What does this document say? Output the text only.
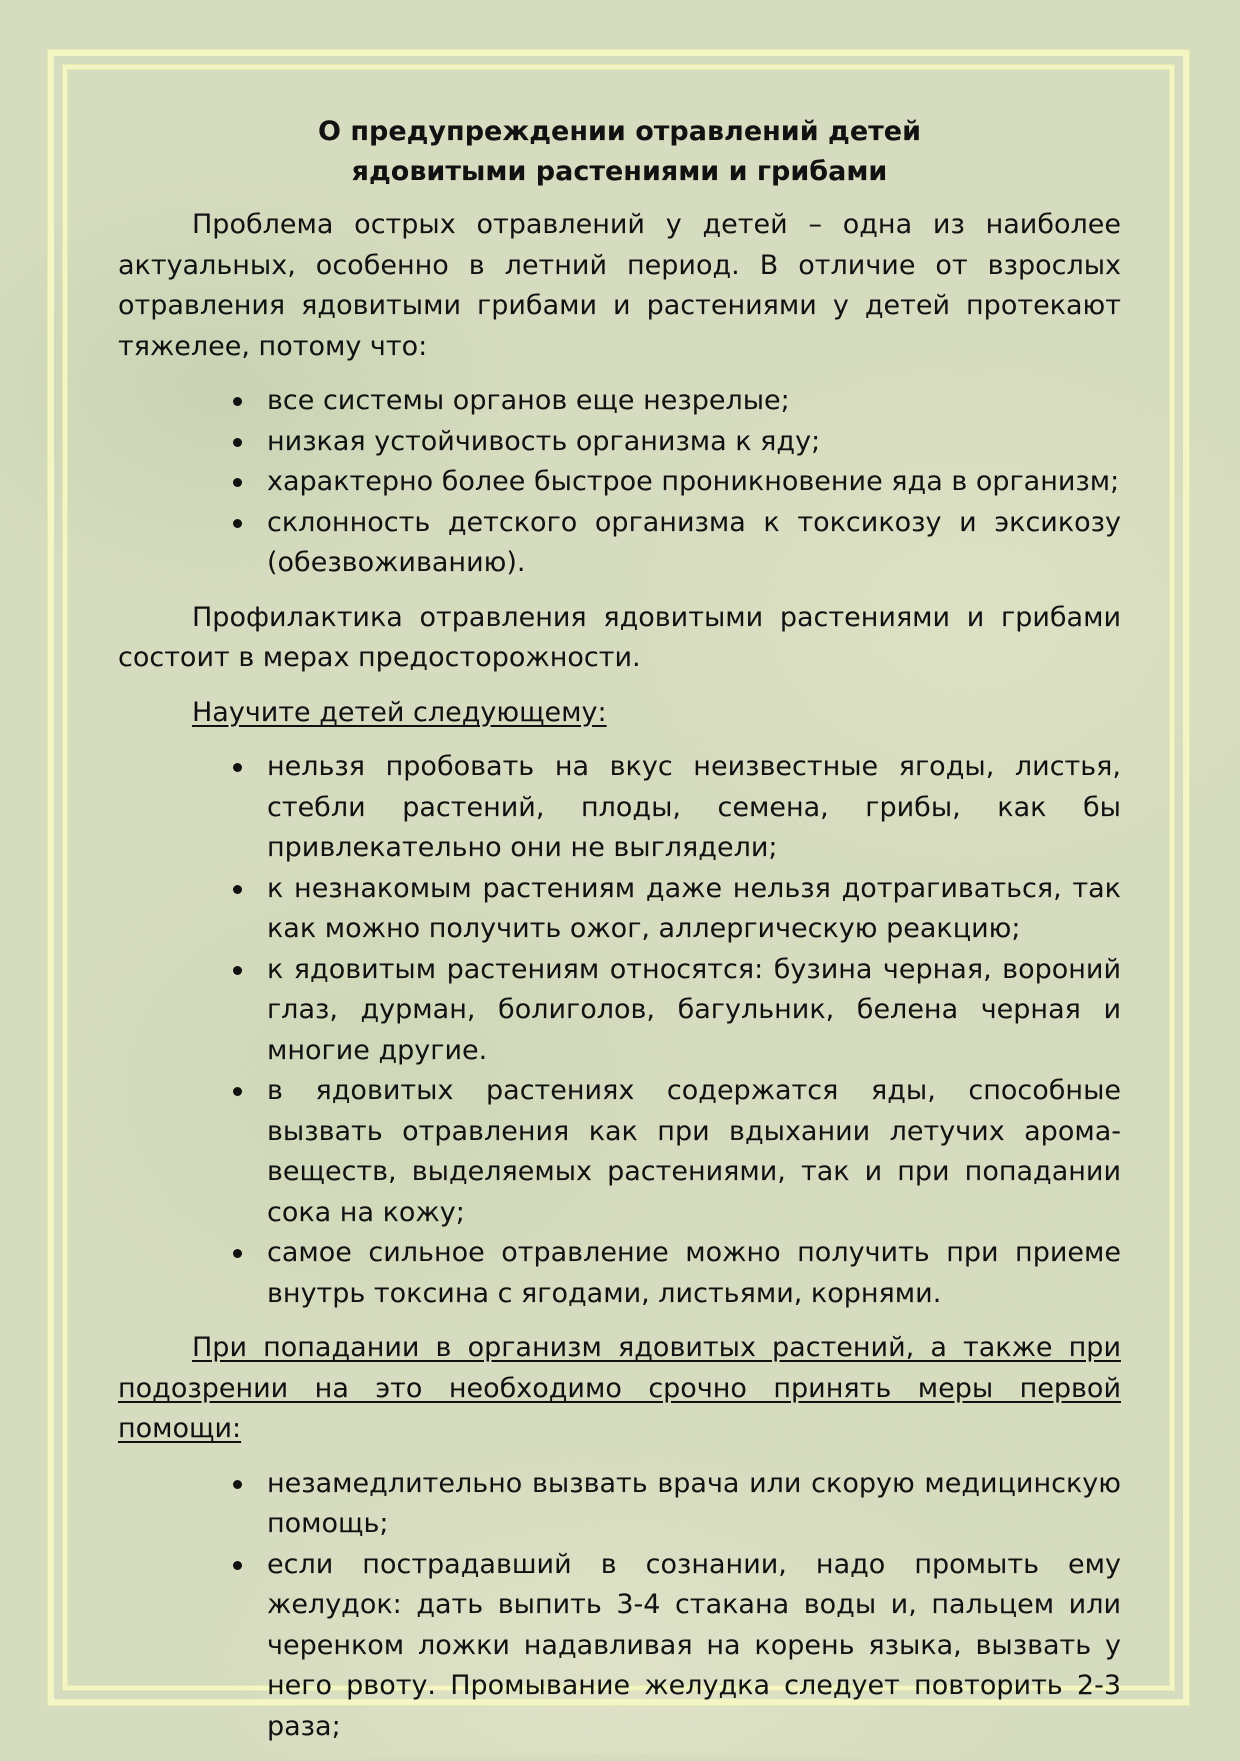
О предупреждении отравлений детей
ядовитыми растениями и грибами

Проблема острых отравлений у детей – одна из наиболее актуальных, особенно в летний период. В отличие от взрослых отравления ядовитыми грибами и растениями у детей протекают тяжелее, потому что:

все системы органов еще незрелые;
низкая устойчивость организма к яду;
характерно более быстрое проникновение яда в организм;
склонность детского организма к токсикозу и эксикозу (обезвоживанию).

Профилактика отравления ядовитыми растениями и грибами состоит в мерах предосторожности.

Научите детей следующему:

нельзя пробовать на вкус неизвестные ягоды, листья, стебли растений, плоды, семена, грибы, как бы привлекательно они не выглядели;
к незнакомым растениям даже нельзя дотрагиваться, так как можно получить ожог, аллергическую реакцию;
к ядовитым растениям относятся: бузина черная, вороний глаз, дурман, болиголов, багульник, белена черная и многие другие.
в ядовитых растениях содержатся яды, способные вызвать отравления как при вдыхании летучих арома-веществ, выделяемых растениями, так и при попадании сока на кожу;
самое сильное отравление можно получить при приеме внутрь токсина с ягодами, листьями, корнями.

При попадании в организм ядовитых растений, а также при подозрении на это необходимо срочно принять меры первой помощи:

незамедлительно вызвать врача или скорую медицинскую помощь;
если пострадавший в сознании, надо промыть ему желудок: дать выпить 3-4 стакана воды и, пальцем или черенком ложки надавливая на корень языка, вызвать у него рвоту. Промывание желудка следует повторить 2-3 раза;
